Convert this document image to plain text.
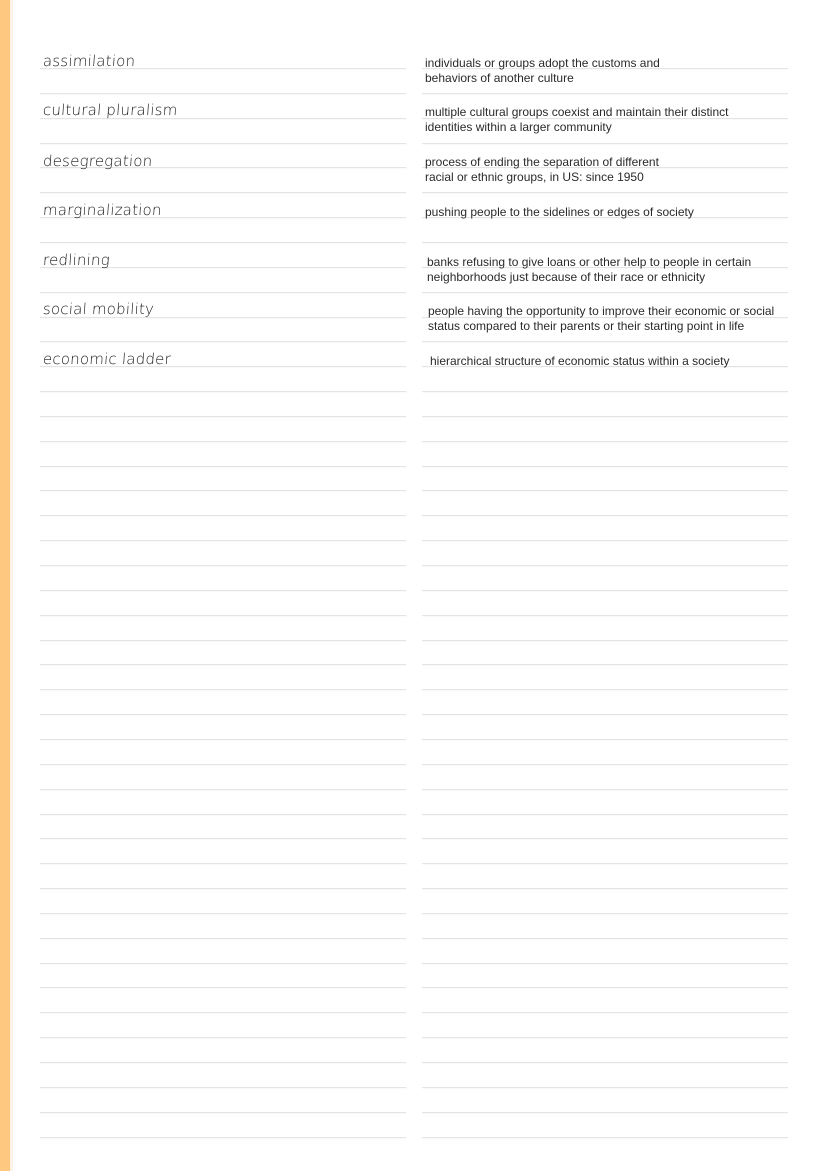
assimilation	individuals or groups adopt the customs and
behaviors of another culture
cultural pluralism	multiple cultural groups coexist and maintain their distinct
identities within a larger community
desegregation	process of ending the separation of different
racial or ethnic groups, in US: since 1950
marginalization	pushing people to the sidelines or edges of society
redlining	banks refusing to give loans or other help to people in certain
neighborhoods just because of their race or ethnicity
social mobility	people having the opportunity to improve their economic or social
status compared to their parents or their starting point in life
economic ladder	hierarchical structure of economic status within a society
